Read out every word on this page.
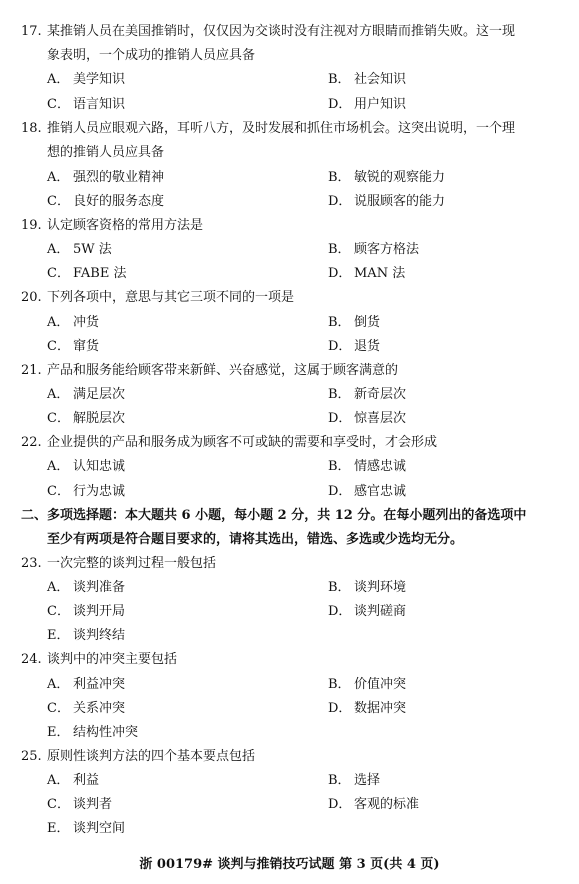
17. 某推销人员在美国推销时，仅仅因为交谈时没有注视对方眼睛而推销失败。这一现
象表明，一个成功的推销人员应具备
A． 美学知识	B． 社会知识
C． 语言知识	D． 用户知识
18. 推销人员应眼观六路，耳听八方，及时发展和抓住市场机会。这突出说明，一个理
想的推销人员应具备
A． 强烈的敬业精神	B． 敏锐的观察能力
C． 良好的服务态度	D． 说服顾客的能力
19. 认定顾客资格的常用方法是
A． 5W 法	B． 顾客方格法
C． FABE 法	D． MAN 法
20. 下列各项中，意思与其它三项不同的一项是
A． 冲货	B． 倒货
C． 窜货	D． 退货
21. 产品和服务能给顾客带来新鲜、兴奋感觉，这属于顾客满意的
A． 满足层次	B． 新奇层次
C． 解脱层次	D． 惊喜层次
22. 企业提供的产品和服务成为顾客不可或缺的需要和享受时，才会形成
A． 认知忠诚	B． 情感忠诚
C． 行为忠诚	D． 感官忠诚
二、多项选择题：本大题共 6 小题，每小题 2 分，共 12 分。在每小题列出的备选项中
至少有两项是符合题目要求的，请将其选出，错选、多选或少选均无分。
23. 一次完整的谈判过程一般包括
A． 谈判准备	B． 谈判环境
C． 谈判开局	D． 谈判磋商
E． 谈判终结
24. 谈判中的冲突主要包括
A． 利益冲突	B． 价值冲突
C． 关系冲突	D． 数据冲突
E． 结构性冲突
25. 原则性谈判方法的四个基本要点包括
A． 利益	B． 选择
C． 谈判者	D． 客观的标准
E． 谈判空间
浙 00179# 谈判与推销技巧试题 第 3 页(共 4 页)
